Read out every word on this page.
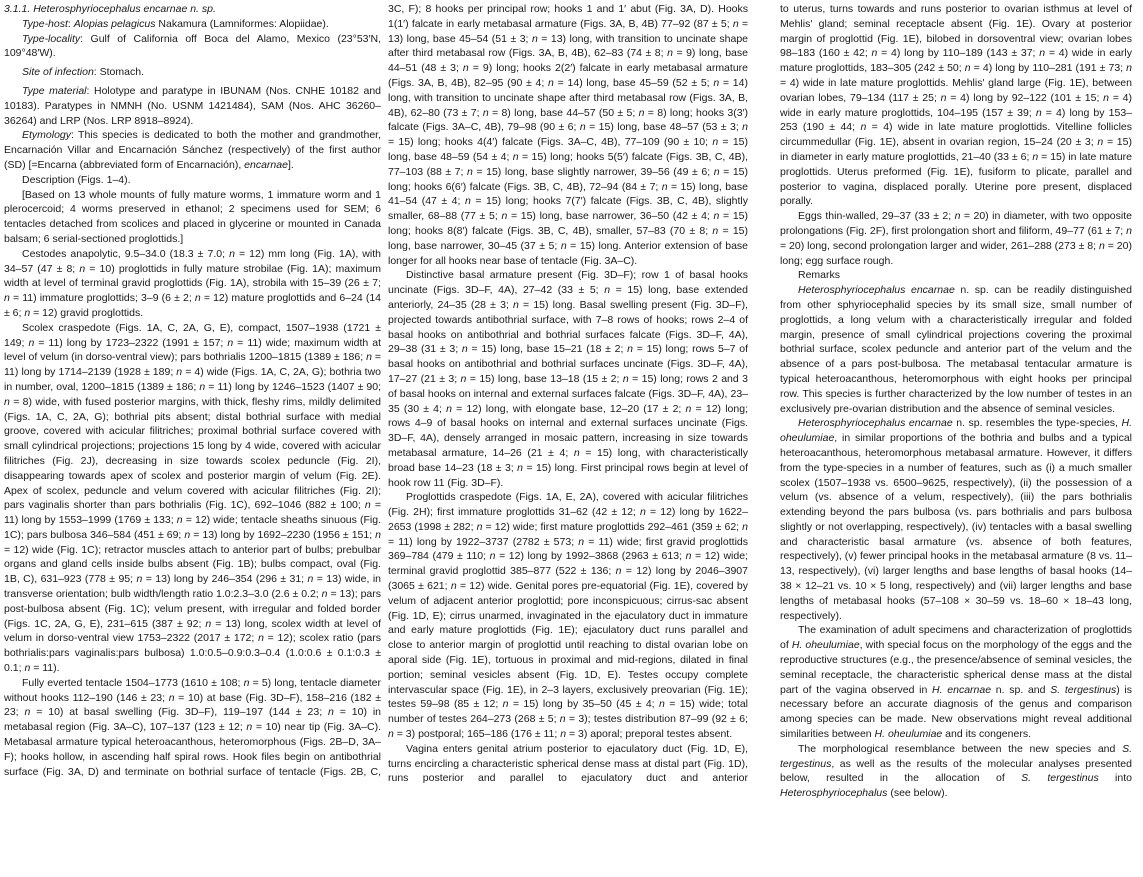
3.1.1. Heterosphyriocephalus encarnae n. sp.

Type-host: Alopias pelagicus Nakamura (Lamniformes: Alopiidae).

Type-locality: Gulf of California off Boca del Alamo, Mexico (23°53′N, 109°48′W).

Site of infection: Stomach.

Type material: Holotype and paratype in IBUNAM (Nos. CNHE 10182 and 10183). Paratypes in NMNH (No. USNM 1421484), SAM (Nos. AHC 36260–36264) and LRP (Nos. LRP 8918–8924).

Etymology: This species is dedicated to both the mother and grandmother, Encarnación Villar and Encarnación Sánchez (respectively) of the first author (SD) [=Encarna (abbreviated form of Encarnación), encarnae].

Description (Figs. 1–4).

[Based on 13 whole mounts of fully mature worms, 1 immature worm and 1 plerocercoid; 4 worms preserved in ethanol; 2 specimens used for SEM; 6 tentacles detached from scolices and placed in glycerine or mounted in Canada balsam; 6 serial-sectioned proglottids.]

Cestodes anapolytic, 9.5–34.0 (18.3 ± 7.0; n = 12) mm long (Fig. 1A), with 34–57 (47 ± 8; n = 10) proglottids in fully mature strobilae (Fig. 1A); maximum width at level of terminal gravid proglottids (Fig. 1A), strobila with 15–39 (26 ± 7; n = 11) immature proglottids; 3–9 (6 ± 2; n = 12) mature proglottids and 6–24 (14 ± 6; n = 12) gravid proglottids.

Scolex craspedote (Figs. 1A, C, 2A, G, E), compact, 1507–1938 (1721 ± 149; n = 11) long by 1723–2322 (1991 ± 157; n = 11) wide; maximum width at level of velum (in dorso-ventral view); pars bothrialis 1200–1815 (1389 ± 186; n = 11) long by 1714–2139 (1928 ± 189; n = 4) wide (Figs. 1A, C, 2A, G); bothria two in number, oval, 1200–1815 (1389 ± 186; n = 11) long by 1246–1523 (1407 ± 90; n = 8) wide, with fused posterior margins, with thick, fleshy rims, mildly delimited (Figs. 1A, C, 2A, G); bothrial pits absent; distal bothrial surface with medial groove, covered with acicular filitriches; proximal bothrial surface covered with small cylindrical projections; projections 15 long by 4 wide, covered with acicular filitriches (Fig. 2J), decreasing in size towards scolex peduncle (Fig. 2I), disappearing towards apex of scolex and posterior margin of velum (Fig. 2E). Apex of scolex, peduncle and velum covered with acicular filitriches (Fig. 2I); pars vaginalis shorter than pars bothrialis (Fig. 1C), 692–1046 (882 ± 100; n = 11) long by 1553–1999 (1769 ± 133; n = 12) wide; tentacle sheaths sinuous (Fig. 1C); pars bulbosa 346–584 (451 ± 69; n = 13) long by 1692–2230 (1956 ± 151; n = 12) wide (Fig. 1C); retractor muscles attach to anterior part of bulbs; prebulbar organs and gland cells inside bulbs absent (Fig. 1B); bulbs compact, oval (Fig. 1B, C), 631–923 (778 ± 95; n = 13) long by 246–354 (296 ± 31; n = 13) wide, in transverse orientation; bulb width/length ratio 1.0:2.3–3.0 (2.6 ± 0.2; n = 13); pars post-bulbosa absent (Fig. 1C); velum present, with irregular and folded border (Figs. 1C, 2A, G, E), 231–615 (387 ± 92; n = 13) long, scolex width at level of velum in dorso-ventral view 1753–2322 (2017 ± 172; n = 12); scolex ratio (pars bothrialis:pars vaginalis:pars bulbosa) 1.0:0.5–0.9:0.3–0.4 (1.0:0.6 ± 0.1:0.3 ± 0.1; n = 11).

Fully everted tentacle 1504–1773 (1610 ± 108; n = 5) long, tentacle diameter without hooks 112–190 (146 ± 23; n = 10) at base (Fig. 3D–F), 158–216 (182 ± 23; n = 10) at basal swelling (Fig. 3D–F), 119–197 (144 ± 23; n = 10) in metabasal region (Fig. 3A–C), 107–137 (123 ± 12; n = 10) near tip (Fig. 3A–C). Metabasal armature typical heteroacanthous, heteromorphous (Figs. 2B–D, 3A–F); hooks hollow, in ascending half spiral rows. Hook files begin on antibothrial surface (Fig. 3A, D) and terminate on bothrial surface of tentacle (Figs. 2B, C,

3C, F); 8 hooks per principal row; hooks 1 and 1′ abut (Fig. 3A, D). Hooks 1(1′) falcate in early metabasal armature (Figs. 3A, B, 4B) 77–92 (87 ± 5; n = 13) long, base 45–54 (51 ± 3; n = 13) long, with transition to uncinate shape after third metabasal row (Figs. 3A, B, 4B), 62–83 (74 ± 8; n = 9) long, base 44–51 (48 ± 3; n = 9) long; hooks 2(2′) falcate in early metabasal armature (Figs. 3A, B, 4B), 82–95 (90 ± 4; n = 14) long, base 45–59 (52 ± 5; n = 14) long, with transition to uncinate shape after third metabasal row (Figs. 3A, B, 4B), 62–80 (73 ± 7; n = 8) long, base 44–57 (50 ± 5; n = 8) long; hooks 3(3′) falcate (Figs. 3A–C, 4B), 79–98 (90 ± 6; n = 15) long, base 48–57 (53 ± 3; n = 15) long; hooks 4(4′) falcate (Figs. 3A–C, 4B), 77–109 (90 ± 10; n = 15) long, base 48–59 (54 ± 4; n = 15) long; hooks 5(5′) falcate (Figs. 3B, C, 4B), 77–103 (88 ± 7; n = 15) long, base slightly narrower, 39–56 (49 ± 6; n = 15) long; hooks 6(6′) falcate (Figs. 3B, C, 4B), 72–94 (84 ± 7; n = 15) long, base 41–54 (47 ± 4; n = 15) long; hooks 7(7′) falcate (Figs. 3B, C, 4B), slightly smaller, 68–88 (77 ± 5; n = 15) long, base narrower, 36–50 (42 ± 4; n = 15) long; hooks 8(8′) falcate (Figs. 3B, C, 4B), smaller, 57–83 (70 ± 8; n = 15) long, base narrower, 30–45 (37 ± 5; n = 15) long. Anterior extension of base longer for all hooks near base of tentacle (Fig. 3A–C).

Distinctive basal armature present (Fig. 3D–F); row 1 of basal hooks uncinate (Figs. 3D–F, 4A), 27–42 (33 ± 5; n = 15) long, base extended anteriorly, 24–35 (28 ± 3; n = 15) long. Basal swelling present (Fig. 3D–F), projected towards antibothrial surface, with 7–8 rows of hooks; rows 2–4 of basal hooks on antibothrial and bothrial surfaces falcate (Figs. 3D–F, 4A), 29–38 (31 ± 3; n = 15) long, base 15–21 (18 ± 2; n = 15) long; rows 5–7 of basal hooks on antibothrial and bothrial surfaces uncinate (Figs. 3D–F, 4A), 17–27 (21 ± 3; n = 15) long, base 13–18 (15 ± 2; n = 15) long; rows 2 and 3 of basal hooks on internal and external surfaces falcate (Figs. 3D–F, 4A), 23–35 (30 ± 4; n = 12) long, with elongate base, 12–20 (17 ± 2; n = 12) long; rows 4–9 of basal hooks on internal and external surfaces uncinate (Figs. 3D–F, 4A), densely arranged in mosaic pattern, increasing in size towards metabasal armature, 14–26 (21 ± 4; n = 15) long, with characteristically broad base 14–23 (18 ± 3; n = 15) long. First principal rows begin at level of hook row 11 (Fig. 3D–F).

Proglottids craspedote (Figs. 1A, E, 2A), covered with acicular filitriches (Fig. 2H); first immature proglottids 31–62 (42 ± 12; n = 12) long by 1622–2653 (1998 ± 282; n = 12) wide; first mature proglottids 292–461 (359 ± 62; n = 11) long by 1922–3737 (2782 ± 573; n = 11) wide; first gravid proglottids 369–784 (479 ± 110; n = 12) long by 1992–3868 (2963 ± 613; n = 12) wide; terminal gravid proglottid 385–877 (522 ± 136; n = 12) long by 2046–3907 (3065 ± 621; n = 12) wide. Genital pores pre-equatorial (Fig. 1E), covered by velum of adjacent anterior proglottid; pore inconspicuous; cirrus-sac absent (Fig. 1D, E); cirrus unarmed, invaginated in the ejaculatory duct in immature and early mature proglottids (Fig. 1E); ejaculatory duct runs parallel and close to anterior margin of proglottid until reaching to distal ovarian lobe on aporal side (Fig. 1E), tortuous in proximal and mid-regions, dilated in final portion; seminal vesicles absent (Fig. 1D, E). Testes occupy complete intervascular space (Fig. 1E), in 2–3 layers, exclusively preovarian (Fig. 1E); testes 59–98 (85 ± 12; n = 15) long by 35–50 (45 ± 4; n = 15) wide; total number of testes 264–273 (268 ± 5; n = 3); testes distribution 87–99 (92 ± 6; n = 3) postporal; 165–186 (176 ± 11; n = 3) aporal; preporal testes absent.

Vagina enters genital atrium posterior to ejaculatory duct (Fig. 1D, E), turns encircling a characteristic spherical dense mass at distal part (Fig. 1D), runs posterior and parallel to ejaculatory duct and anterior

to uterus, turns towards and runs posterior to ovarian isthmus at level of Mehlis' gland; seminal receptacle absent (Fig. 1E). Ovary at posterior margin of proglottid (Fig. 1E), bilobed in dorsoventral view; ovarian lobes 98–183 (160 ± 42; n = 4) long by 110–189 (143 ± 37; n = 4) wide in early mature proglottids, 183–305 (242 ± 50; n = 4) long by 110–281 (191 ± 73; n = 4) wide in late mature proglottids. Mehlis' gland large (Fig. 1E), between ovarian lobes, 79–134 (117 ± 25; n = 4) long by 92–122 (101 ± 15; n = 4) wide in early mature proglottids, 104–195 (157 ± 39; n = 4) long by 153–253 (190 ± 44; n = 4) wide in late mature proglottids. Vitelline follicles circummedullar (Fig. 1E), absent in ovarian region, 15–24 (20 ± 3; n = 15) in diameter in early mature proglottids, 21–40 (33 ± 6; n = 15) in late mature proglottids. Uterus preformed (Fig. 1E), fusiform to plicate, parallel and posterior to vagina, displaced porally. Uterine pore present, displaced porally.

Eggs thin-walled, 29–37 (33 ± 2; n = 20) in diameter, with two opposite prolongations (Fig. 2F), first prolongation short and filiform, 49–77 (61 ± 7; n = 20) long, second prolongation larger and wider, 261–288 (273 ± 8; n = 20) long; egg surface rough.

Remarks

Heterosphyriocephalus encarnae n. sp. can be readily distinguished from other sphyriocephalid species by its small size, small number of proglottids, a long velum with a characteristically irregular and folded margin, presence of small cylindrical projections covering the proximal bothrial surface, scolex peduncle and anterior part of the velum and the absence of a pars post-bulbosa. The metabasal tentacular armature is typical heteroacanthous, heteromorphous with eight hooks per principal row. This species is further characterized by the low number of testes in an exclusively pre-ovarian distribution and the absence of seminal vesicles.

Heterosphyriocephalus encarnae n. sp. resembles the type-species, H. oheulumiae, in similar proportions of the bothria and bulbs and a typical heteroacanthous, heteromorphous metabasal armature. However, it differs from the type-species in a number of features, such as (i) a much smaller scolex (1507–1938 vs. 6500–9625, respectively), (ii) the possession of a velum (vs. absence of a velum, respectively), (iii) the pars bothrialis extending beyond the pars bulbosa (vs. pars bothrialis and pars bulbosa slightly or not overlapping, respectively), (iv) tentacles with a basal swelling and characteristic basal armature (vs. absence of both features, respectively), (v) fewer principal hooks in the metabasal armature (8 vs. 11–13, respectively), (vi) larger lengths and base lengths of basal hooks (14–38 × 12–21 vs. 10 × 5 long, respectively) and (vii) larger lengths and base lengths of metabasal hooks (57–108 × 30–59 vs. 18–60 × 18–43 long, respectively).

The examination of adult specimens and characterization of proglottids of H. oheulumiae, with special focus on the morphology of the eggs and the reproductive structures (e.g., the presence/absence of seminal vesicles, the seminal receptacle, the characteristic spherical dense mass at the distal part of the vagina observed in H. encarnae n. sp. and S. tergestinus) is necessary before an accurate diagnosis of the genus and comparison among species can be made. New observations might reveal additional similarities between H. oheulumiae and its congeners.

The morphological resemblance between the new species and S. tergestinus, as well as the results of the molecular analyses presented below, resulted in the allocation of S. tergestinus into Heterosphyriocephalus (see below).
